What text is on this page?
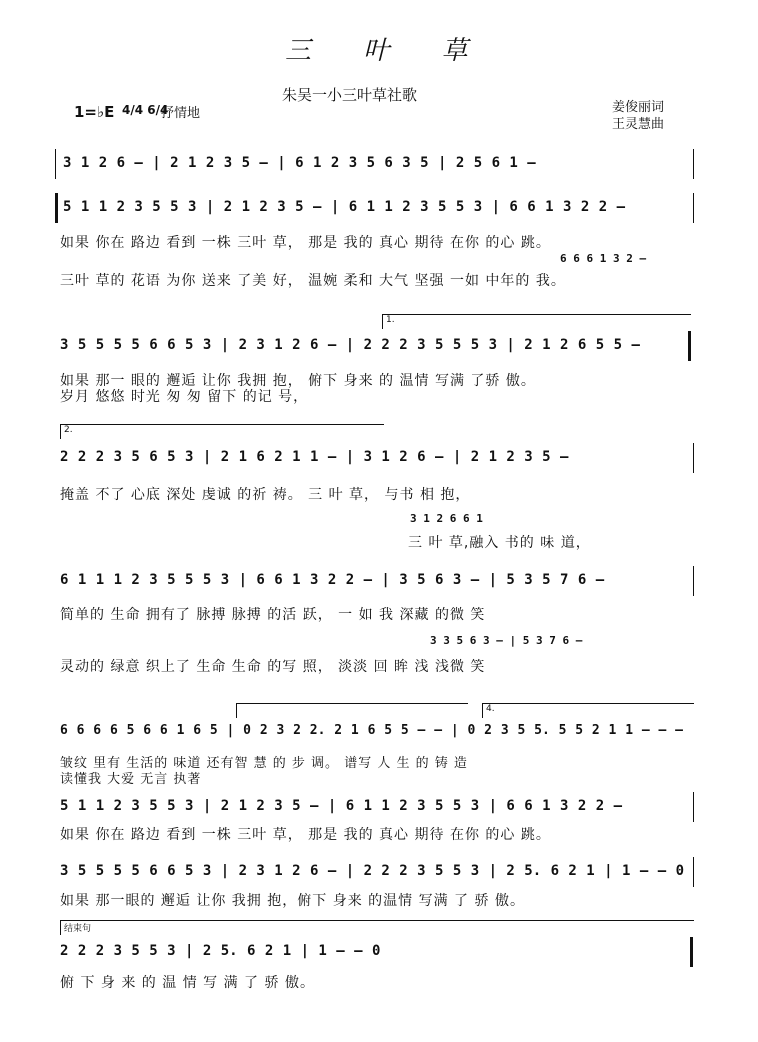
三 叶 草
朱吴一小三叶草社歌
1=♭E 4/4 6/4
抒情地	姜俊丽词
王灵慧曲
3 1 2 6 – | 2 1 2 3 5 – | 6 1 2 3 5 6 3 5 | 2 5 6 1 –
5 1 1 2 3 5 5 3 | 2 1 2 3 5 – | 6 1 1 2 3 5 5 3 | 6 6 1 3 2 2 –
如果 你在 路边 看到 一株 三叶 草， 那是 我的 真心 期待 在你 的心 跳。
6 6 6 1 3 2 –
三叶 草的 花语 为你 送来 了美 好， 温婉 柔和 大气 坚强 一如 中年的 我。
1.
3 5 5 5 5 6 6 5 3 | 2 3 1 2 6 – | 2 2 2 3 5 5 5 3 | 2 1 2 6 5 5 –
如果 那一 眼的 邂逅 让你 我拥 抱， 俯下 身来 的 温情 写满 了骄 傲。
岁月 悠悠 时光 匆 匆 留下 的记 号，
2.
2 2 2 3 5 6 5 3 | 2 1 6 2 1 1 – | 3 1 2 6 – | 2 1 2 3 5 –
掩盖 不了 心底 深处 虔诚 的祈 祷。 三 叶 草， 与书 相 抱，
3 1 2 6 6 1
三 叶 草,融入 书的 味 道，
6 1 1 1 2 3 5 5 5 3 | 6 6 1 3 2 2 – | 3 5 6 3 – | 5 3 5 7 6 –
简单的 生命 拥有了 脉搏 脉搏 的活 跃， 一 如 我 深藏 的微 笑
3 3 5 6 3 – | 5 3 7 6 –
灵动的 绿意 织上了 生命 生命 的写 照， 淡淡 回 眸 浅 浅微 笑
4.
6 6 6 6 5 6 6 1 6 5 | 0 2 3 2 2. 2 1 6 5 5 – – | 0 2 3 5 5. 5 5 2 1 1 – – –
皱纹 里有 生活的 味道 还有智 慧 的 步 调。 谱写 人 生 的 铸 造
读懂我 大爱 无言 执著
5 1 1 2 3 5 5 3 | 2 1 2 3 5 – | 6 1 1 2 3 5 5 3 | 6 6 1 3 2 2 –
如果 你在 路边 看到 一株 三叶 草， 那是 我的 真心 期待 在你 的心 跳。
3 5 5 5 5 6 6 5 3 | 2 3 1 2 6 – | 2 2 2 3 5 5 3 | 2 5. 6 2 1 | 1 – – 0
如果 那一眼的 邂逅 让你 我拥 抱，俯下 身来 的温情 写满 了 骄 傲。
结束句
2 2 2 3 5 5 3 | 2 5. 6 2 1 | 1 – – 0
俯 下 身 来 的 温 情 写 满 了 骄 傲。
